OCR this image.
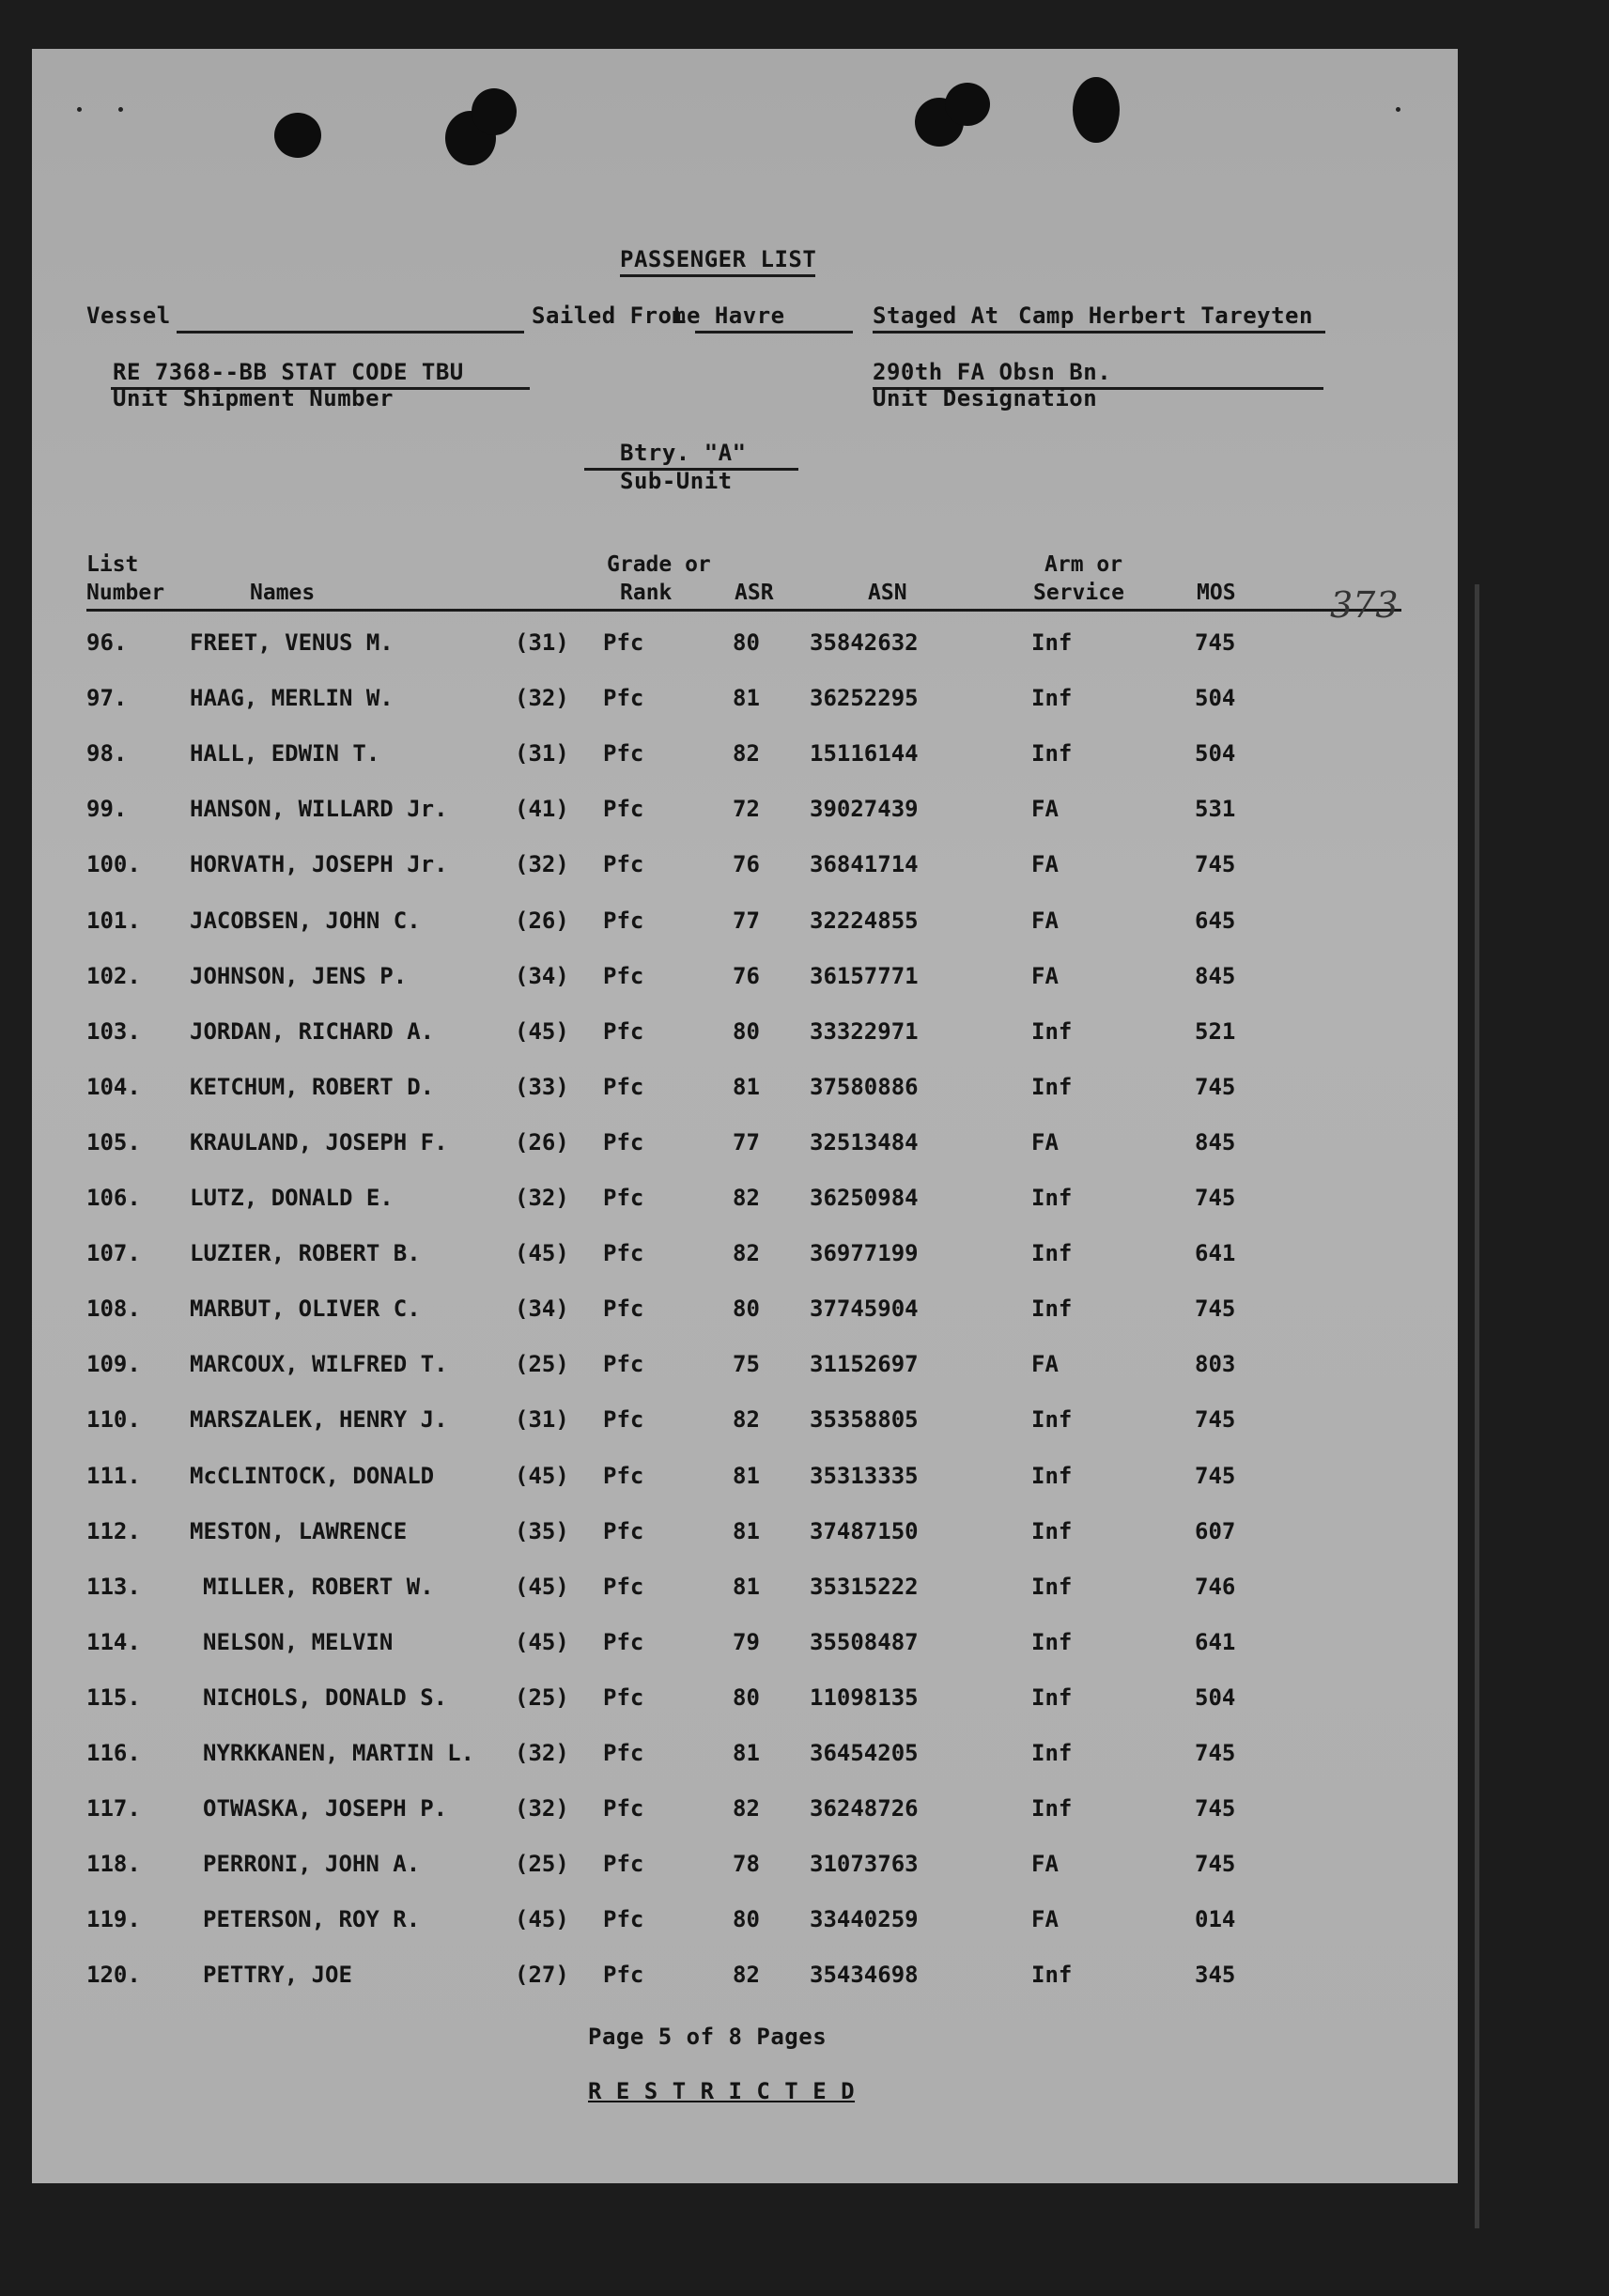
PASSENGER LIST
Vessel	Sailed From
Le Havre	Staged At Camp Herbert Tareyten
RE 7368--BB STAT CODE TBU
Unit Shipment Number
290th FA Obsn Bn.
Unit Designation
Btry. "A"
Sub-Unit
List
Number	Names
Grade or
Rank	ASR	ASN
Arm or
Service	MOS	373
96.	FREET, VENUS M.	(31) Pfc	80 35842632	Inf	745
97.	HAAG, MERLIN W.	(32) Pfc	81 36252295	Inf	504
98.	HALL, EDWIN T.	(31) Pfc	82 15116144	Inf	504
99.	HANSON, WILLARD Jr.	(41) Pfc	72 39027439	FA	531
100. HORVATH, JOSEPH Jr.	(32) Pfc	76 36841714	FA	745
101. JACOBSEN, JOHN C.	(26) Pfc	77 32224855	FA	645
102. JOHNSON, JENS P.	(34) Pfc	76 36157771	FA	845
103. JORDAN, RICHARD A.	(45) Pfc	80 33322971	Inf	521
104. KETCHUM, ROBERT D.	(33) Pfc	81 37580886	Inf	745
105. KRAULAND, JOSEPH F.	(26) Pfc	77 32513484	FA	845
106. LUTZ, DONALD E.	(32) Pfc	82 36250984	Inf	745
107. LUZIER, ROBERT B.	(45) Pfc	82 36977199	Inf	641
108. MARBUT, OLIVER C.	(34) Pfc	80 37745904	Inf	745
109. MARCOUX, WILFRED T.	(25) Pfc	75 31152697	FA	803
110. MARSZALEK, HENRY J.	(31) Pfc	82 35358805	Inf	745
111. McCLINTOCK, DONALD	(45) Pfc	81 35313335	Inf	745
112. MESTON, LAWRENCE	(35) Pfc	81 37487150	Inf	607
113.	MILLER, ROBERT W.	(45) Pfc	81 35315222	Inf	746
114.	NELSON, MELVIN	(45) Pfc	79 35508487	Inf	641
115.	NICHOLS, DONALD S.	(25) Pfc	80 11098135	Inf	504
116.	NYRKKANEN, MARTIN L. (32) Pfc	81 36454205	Inf	745
117.	OTWASKA, JOSEPH P.	(32) Pfc	82 36248726	Inf	745
118.	PERRONI, JOHN A.	(25) Pfc	78 31073763	FA	745
119.	PETERSON, ROY R.	(45) Pfc	80 33440259	FA	014
120.	PETTRY, JOE	(27) Pfc	82 35434698	Inf	345
Page 5 of 8 Pages
R E S T R I C T E D
